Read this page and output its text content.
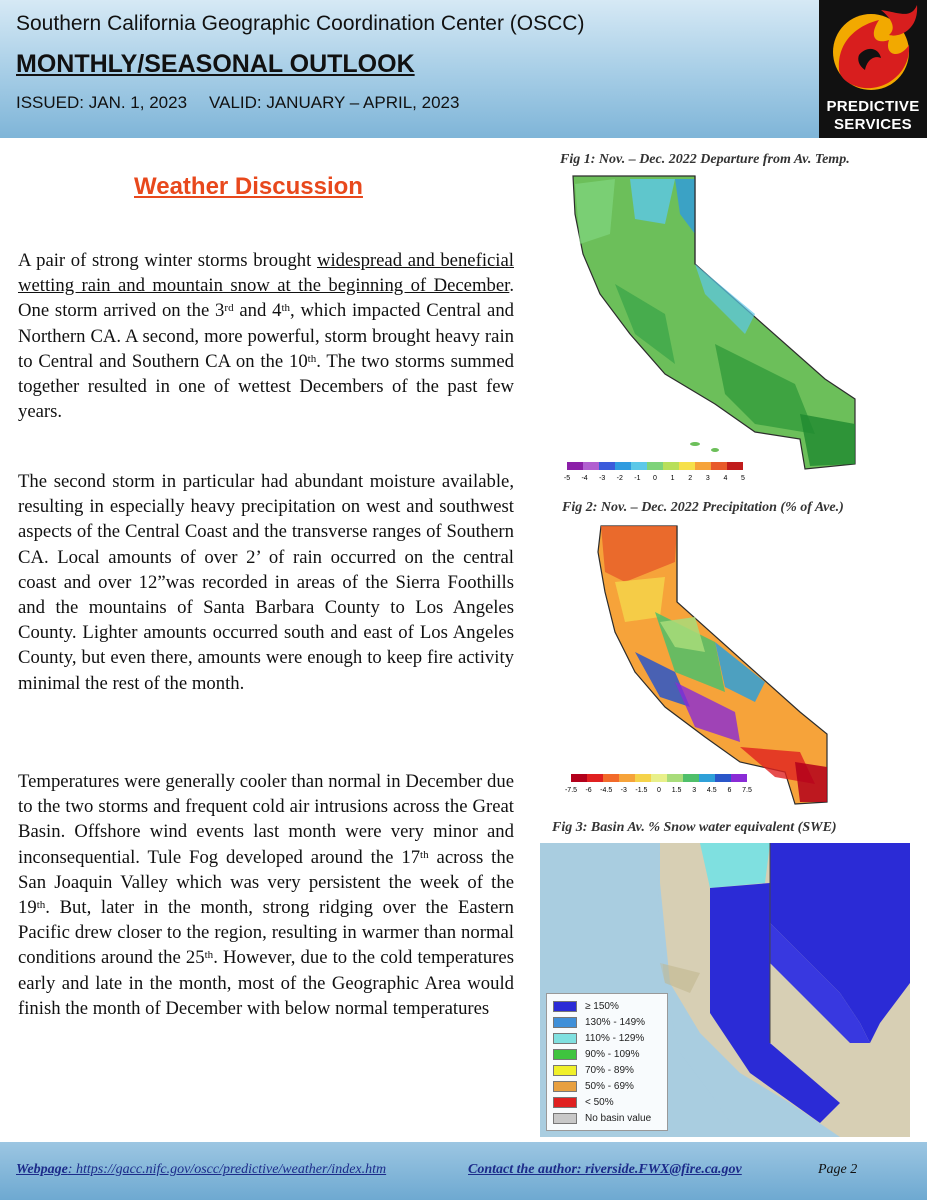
Southern California Geographic Coordination Center (OSCC)
MONTHLY/SEASONAL OUTLOOK
ISSUED: JAN. 1, 2023 VALID: JANUARY – APRIL, 2023	PREDICTIVE
SERVICES
Weather Discussion
A pair of strong winter storms brought widespread and beneficial wetting rain and mountain snow at the beginning of December. One storm arrived on the 3rd and 4th, which impacted Central and Northern CA. A second, more powerful, storm brought heavy rain to Central and Southern CA on the 10th. The two storms summed together resulted in one of wettest Decembers of the past few years.
The second storm in particular had abundant moisture available, resulting in especially heavy precipitation on west and southwest aspects of the Central Coast and the transverse ranges of Southern CA. Local amounts of over 2’ of rain occurred on the central coast and over 12”was recorded in areas of the Sierra Foothills and the mountains of Santa Barbara County to Los Angeles County. Lighter amounts occurred south and east of Los Angeles County, but even there, amounts were enough to keep fire activity minimal the rest of the month.
Temperatures were generally cooler than normal in December due to the two storms and frequent cold air intrusions across the Great Basin. Offshore wind events last month were very minor and inconsequential. Tule Fog developed around the 17th across the San Joaquin Valley which was very persistent the week of the 19th. But, later in the month, strong ridging over the Eastern Pacific drew closer to the region, resulting in warmer than normal conditions around the 25th. However, due to the cold temperatures early and late in the month, most of the Geographic Area would finish the month of December with below normal temperatures
Fig 1: Nov. – Dec. 2022 Departure from Av. Temp.
-5 -4 -3 -2 -1 0 1 2 3 4 5
Fig 2: Nov. – Dec. 2022 Precipitation (% of Ave.)
-7.5 -6 -4.5 -3 -1.5 0 1.5 3 4.5 6 7.5
Fig 3: Basin Av. % Snow water equivalent (SWE)
≥ 150%
130% - 149%
110% - 129%
90% - 109%
70% - 89%
50% - 69%
< 50%
No basin value
Webpage: https://gacc.nifc.gov/oscc/predictive/weather/index.htm	Contact the author: riverside.FWX@fire.ca.gov	Page 2
